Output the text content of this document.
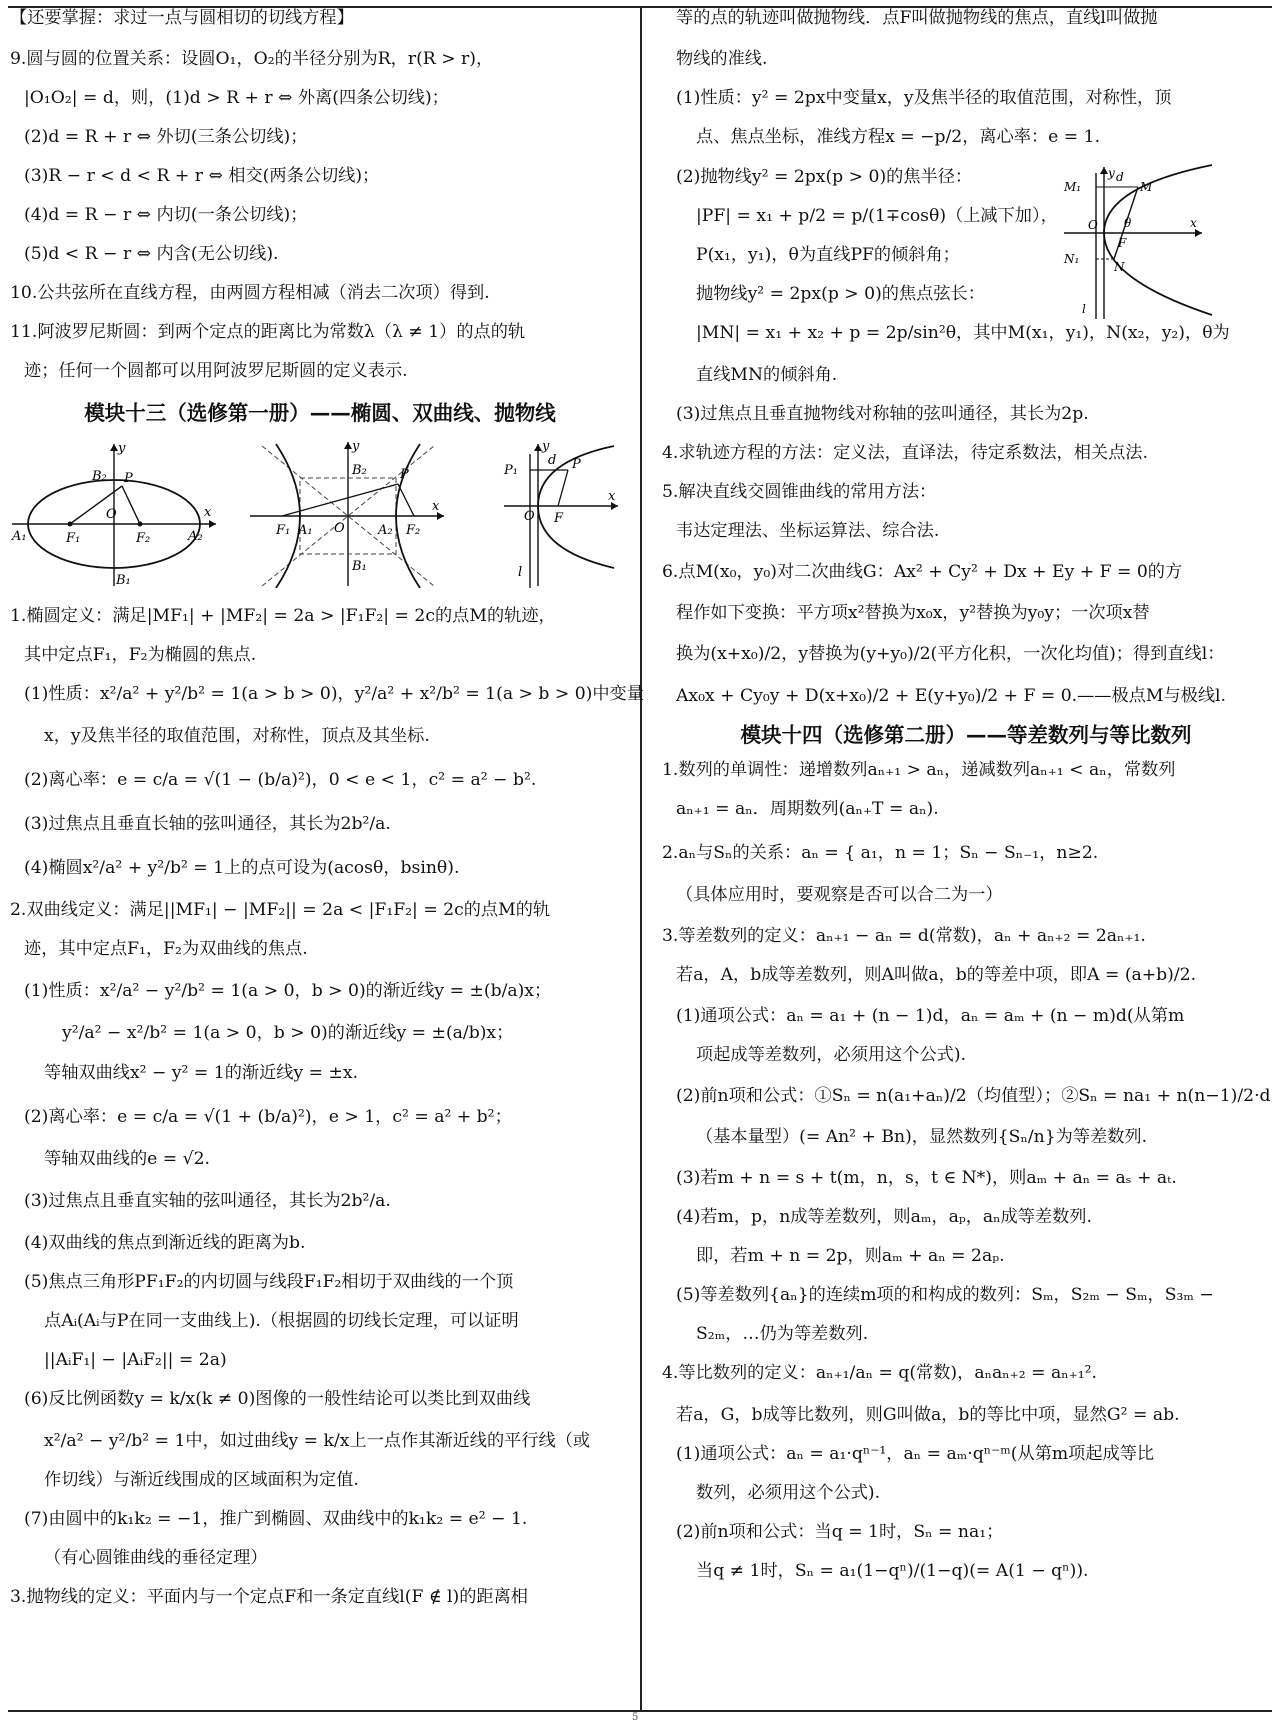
【还要掌握：求过一点与圆相切的切线方程】
9.圆与圆的位置关系：设圆O₁，O₂的半径分别为R，r(R > r)，
|O₁O₂| = d，则，(1)d > R + r ⇔ 外离(四条公切线)；
(2)d = R + r ⇔ 外切(三条公切线)；
(3)R − r < d < R + r ⇔ 相交(两条公切线)；
(4)d = R − r ⇔ 内切(一条公切线)；
(5)d < R − r ⇔ 内含(无公切线).
10.公共弦所在直线方程，由两圆方程相减（消去二次项）得到.
11.阿波罗尼斯圆：到两个定点的距离比为常数λ（λ ≠ 1）的点的轨
迹；任何一个圆都可以用阿波罗尼斯圆的定义表示.
模块十三（选修第一册）——椭圆、双曲线、抛物线
y
B₂ P
x
A₁	F₁
O
F₂	A₂
B₁
y
B₂	P
x
F₁ A₁ O	A₂ F₂
B₁
P₁
y
d P
x
O F
l
1.椭圆定义：满足|MF₁| + |MF₂| = 2a > |F₁F₂| = 2c的点M的轨迹，
其中定点F₁，F₂为椭圆的焦点.
(1)性质：x²/a² + y²/b² = 1(a > b > 0)，y²/a² + x²/b² = 1(a > b > 0)中变量
x，y及焦半径的取值范围，对称性，顶点及其坐标.
(2)离心率：e = c/a = √(1 − (b/a)²)，0 < e < 1，c² = a² − b².
(3)过焦点且垂直长轴的弦叫通径，其长为2b²/a.
(4)椭圆x²/a² + y²/b² = 1上的点可设为(acosθ，bsinθ).
2.双曲线定义：满足||MF₁| − |MF₂|| = 2a < |F₁F₂| = 2c的点M的轨
迹，其中定点F₁，F₂为双曲线的焦点.
(1)性质：x²/a² − y²/b² = 1(a > 0，b > 0)的渐近线y = ±(b/a)x；
y²/a² − x²/b² = 1(a > 0，b > 0)的渐近线y = ±(a/b)x；
等轴双曲线x² − y² = 1的渐近线y = ±x.
(2)离心率：e = c/a = √(1 + (b/a)²)，e > 1，c² = a² + b²；
等轴双曲线的e = √2.
(3)过焦点且垂直实轴的弦叫通径，其长为2b²/a.
(4)双曲线的焦点到渐近线的距离为b.
(5)焦点三角形PF₁F₂的内切圆与线段F₁F₂相切于双曲线的一个顶
点Aᵢ(Aᵢ与P在同一支曲线上).（根据圆的切线长定理，可以证明
||AᵢF₁| − |AᵢF₂|| = 2a)
(6)反比例函数y = k/x(k ≠ 0)图像的一般性结论可以类比到双曲线
x²/a² − y²/b² = 1中，如过曲线y = k/x上一点作其渐近线的平行线（或
作切线）与渐近线围成的区域面积为定值.
(7)由圆中的k₁k₂ = −1，推广到椭圆、双曲线中的k₁k₂ = e² − 1.
（有心圆锥曲线的垂径定理）
3.抛物线的定义：平面内与一个定点F和一条定直线l(F ∉ l)的距离相
等的点的轨迹叫做抛物线．点F叫做抛物线的焦点，直线l叫做抛
物线的准线.
(1)性质：y² = 2px中变量x，y及焦半径的取值范围，对称性，顶
点、焦点坐标，准线方程x = −p/2，离心率：e = 1.
(2)抛物线y² = 2px(p > 0)的焦半径：
|PF| = x₁ + p/2 = p/(1∓cosθ)（上减下加），
P(x₁，y₁)，θ为直线PF的倾斜角；
抛物线y² = 2px(p > 0)的焦点弦长：
y d
M₁	M
O θ	x
F
N₁
N
l
|MN| = x₁ + x₂ + p = 2p/sin²θ，其中M(x₁，y₁)，N(x₂，y₂)，θ为
直线MN的倾斜角.
(3)过焦点且垂直抛物线对称轴的弦叫通径，其长为2p.
4.求轨迹方程的方法：定义法，直译法，待定系数法，相关点法.
5.解决直线交圆锥曲线的常用方法：
韦达定理法、坐标运算法、综合法.
6.点M(x₀，y₀)对二次曲线G：Ax² + Cy² + Dx + Ey + F = 0的方
程作如下变换：平方项x²替换为x₀x，y²替换为y₀y；一次项x替
换为(x+x₀)/2，y替换为(y+y₀)/2(平方化积，一次化均值)；得到直线l：
Ax₀x + Cy₀y + D(x+x₀)/2 + E(y+y₀)/2 + F = 0.——极点M与极线l.
模块十四（选修第二册）——等差数列与等比数列
1.数列的单调性：递增数列aₙ₊₁ > aₙ，递减数列aₙ₊₁ < aₙ，常数列
aₙ₊₁ = aₙ．周期数列(aₙ₊T = aₙ).
2.aₙ与Sₙ的关系：aₙ = { a₁，n = 1；Sₙ − Sₙ₋₁，n≥2.
（具体应用时，要观察是否可以合二为一）
3.等差数列的定义：aₙ₊₁ − aₙ = d(常数)，aₙ + aₙ₊₂ = 2aₙ₊₁.
若a，A，b成等差数列，则A叫做a，b的等差中项，即A = (a+b)/2.
(1)通项公式：aₙ = a₁ + (n − 1)d，aₙ = aₘ + (n − m)d(从第m
项起成等差数列，必须用这个公式).
(2)前n项和公式：①Sₙ = n(a₁+aₙ)/2（均值型）；②Sₙ = na₁ + n(n−1)/2·d
（基本量型）(= An² + Bn)，显然数列{Sₙ/n}为等差数列.
(3)若m + n = s + t(m，n，s，t ∈ N*)，则aₘ + aₙ = aₛ + aₜ.
(4)若m，p，n成等差数列，则aₘ，aₚ，aₙ成等差数列.
即，若m + n = 2p，则aₘ + aₙ = 2aₚ.
(5)等差数列{aₙ}的连续m项的和构成的数列：Sₘ，S₂ₘ − Sₘ，S₃ₘ −
S₂ₘ，…仍为等差数列.
4.等比数列的定义：aₙ₊₁/aₙ = q(常数)，aₙaₙ₊₂ = aₙ₊₁².
若a，G，b成等比数列，则G叫做a，b的等比中项，显然G² = ab.
(1)通项公式：aₙ = a₁·qⁿ⁻¹，aₙ = aₘ·qⁿ⁻ᵐ(从第m项起成等比
数列，必须用这个公式).
(2)前n项和公式：当q = 1时，Sₙ = na₁；
当q ≠ 1时，Sₙ = a₁(1−qⁿ)/(1−q)(= A(1 − qⁿ)).
5
